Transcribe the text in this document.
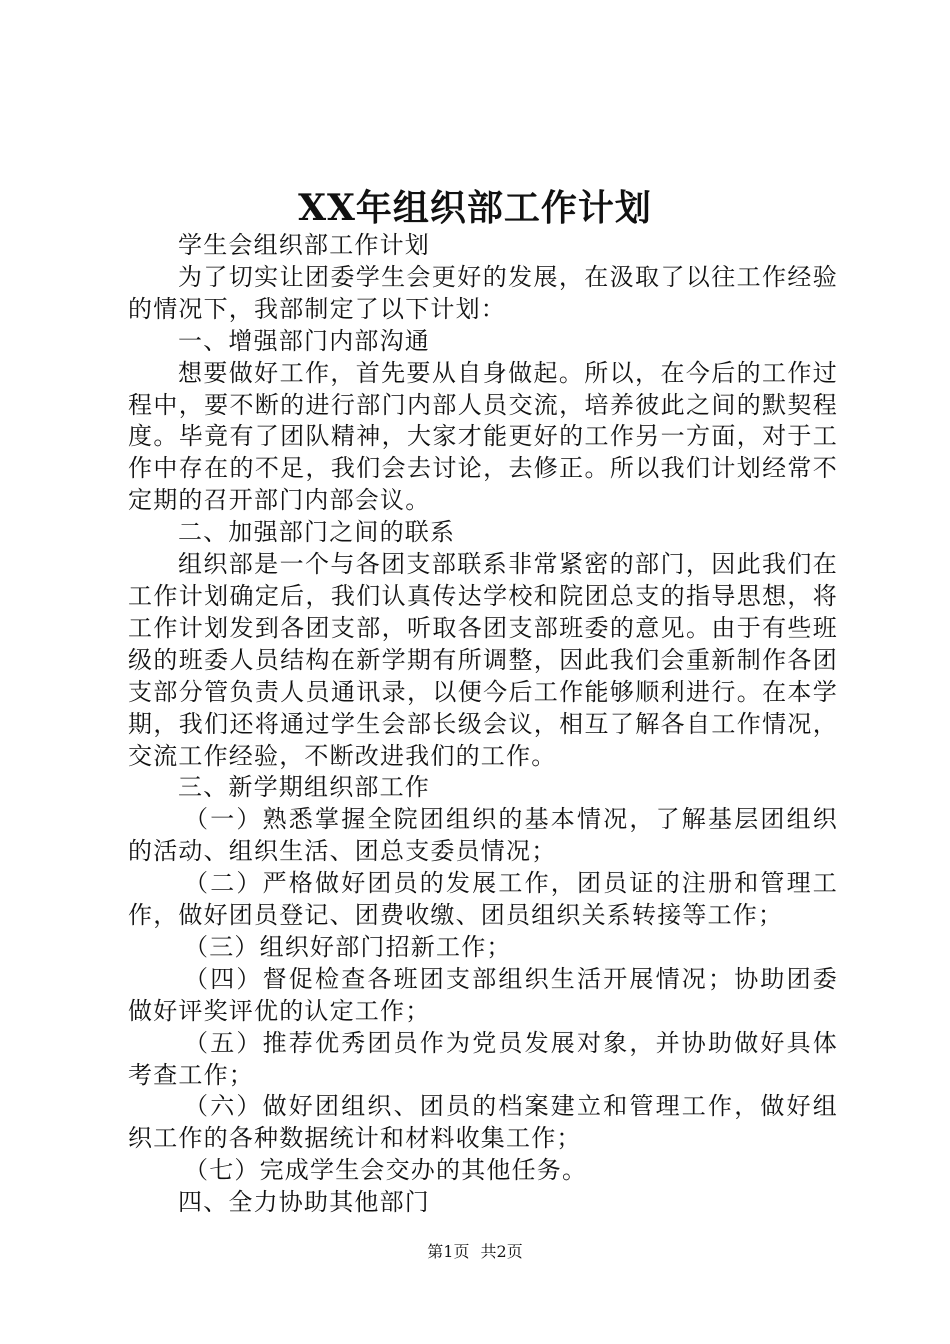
XX年组织部工作计划

学生会组织部工作计划

为了切实让团委学生会更好的发展，在汲取了以往工作经验的情况下，我部制定了以下计划：

一、增强部门内部沟通

想要做好工作，首先要从自身做起。所以，在今后的工作过程中，要不断的进行部门内部人员交流，培养彼此之间的默契程度。毕竟有了团队精神，大家才能更好的工作另一方面，对于工作中存在的不足，我们会去讨论，去修正。所以我们计划经常不定期的召开部门内部会议。

二、加强部门之间的联系

组织部是一个与各团支部联系非常紧密的部门，因此我们在工作计划确定后，我们认真传达学校和院团总支的指导思想，将工作计划发到各团支部，听取各团支部班委的意见。由于有些班级的班委人员结构在新学期有所调整，因此我们会重新制作各团支部分管负责人员通讯录，以便今后工作能够顺利进行。在本学期，我们还将通过学生会部长级会议，相互了解各自工作情况，交流工作经验，不断改进我们的工作。

三、新学期组织部工作

（一）熟悉掌握全院团组织的基本情况，了解基层团组织的活动、组织生活、团总支委员情况；

（二）严格做好团员的发展工作，团员证的注册和管理工作，做好团员登记、团费收缴、团员组织关系转接等工作；

（三）组织好部门招新工作；

（四）督促检查各班团支部组织生活开展情况；协助团委做好评奖评优的认定工作；

（五）推荐优秀团员作为党员发展对象，并协助做好具体考查工作；

（六）做好团组织、团员的档案建立和管理工作，做好组织工作的各种数据统计和材料收集工作；

（七）完成学生会交办的其他任务。

四、全力协助其他部门

第1页 共2页
